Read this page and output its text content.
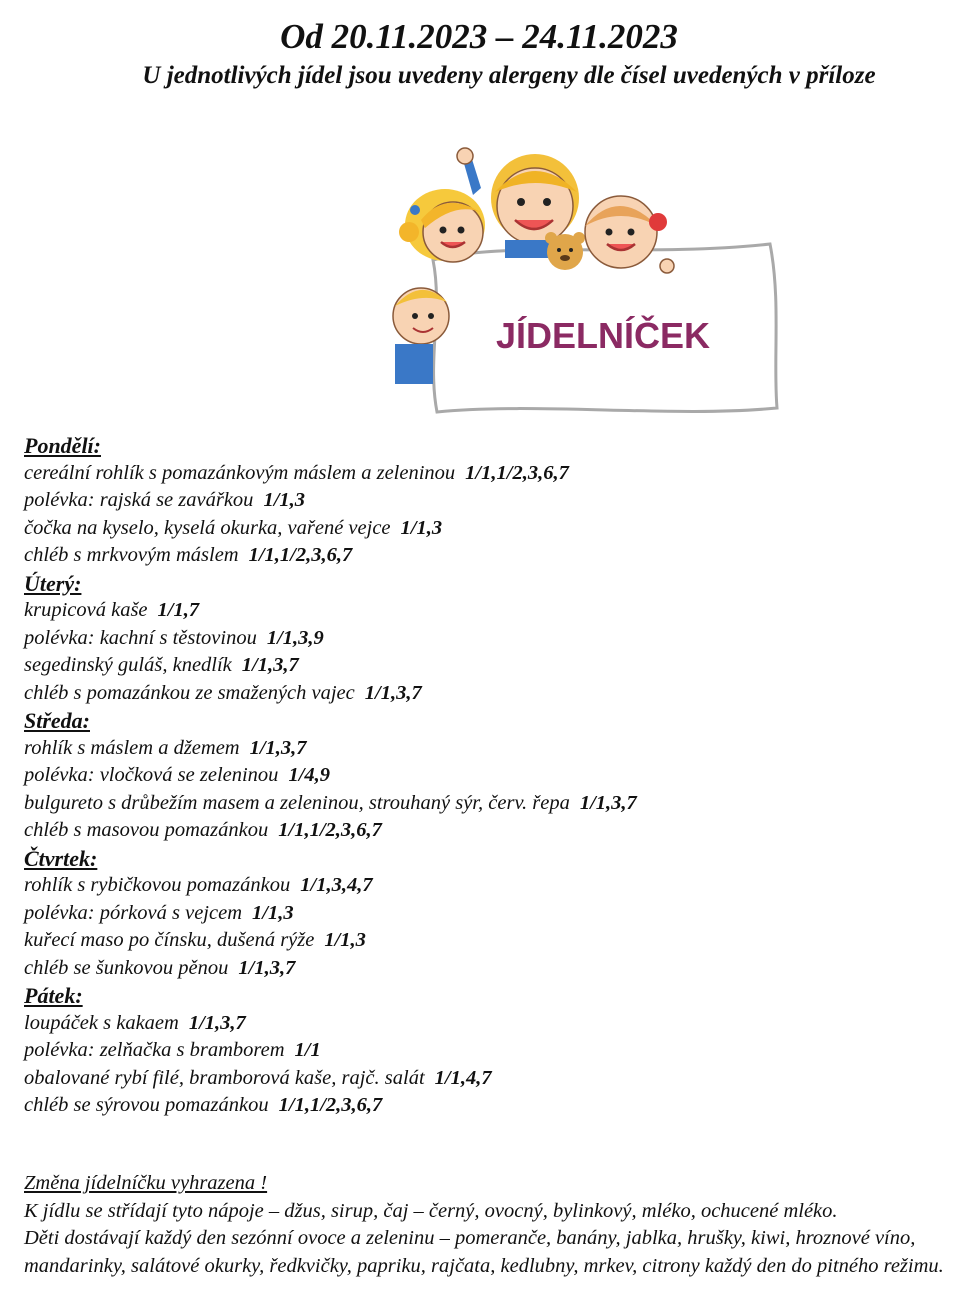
Od 20.11.2023 – 24.11.2023
U jednotlivých jídel jsou uvedeny alergeny dle čísel uvedených v příloze
JÍDELNÍČEK
Pondělí:
cereální rohlík s pomazánkovým máslem a zeleninou 1/1,1/2,3,6,7
polévka: rajská se zavářkou 1/1,3
čočka na kyselo, kyselá okurka, vařené vejce 1/1,3
chléb s mrkvovým máslem 1/1,1/2,3,6,7
Úterý:
krupicová kaše 1/1,7
polévka: kachní s těstovinou 1/1,3,9
segedinský guláš, knedlík 1/1,3,7
chléb s pomazánkou ze smažených vajec 1/1,3,7
Středa:
rohlík s máslem a džemem 1/1,3,7
polévka: vločková se zeleninou 1/4,9
bulgureto s drůbežím masem a zeleninou, strouhaný sýr, červ. řepa 1/1,3,7
chléb s masovou pomazánkou 1/1,1/2,3,6,7
Čtvrtek:
rohlík s rybičkovou pomazánkou 1/1,3,4,7
polévka: pórková s vejcem 1/1,3
kuřecí maso po čínsku, dušená rýže 1/1,3
chléb se šunkovou pěnou 1/1,3,7
Pátek:
loupáček s kakaem 1/1,3,7
polévka: zelňačka s bramborem 1/1
obalované rybí filé, bramborová kaše, rajč. salát 1/1,4,7
chléb se sýrovou pomazánkou 1/1,1/2,3,6,7

Změna jídelníčku vyhrazena !

K jídlu se střídají tyto nápoje – džus, sirup, čaj – černý, ovocný, bylinkový, mléko, ochucené mléko.

Děti dostávají každý den sezónní ovoce a zeleninu – pomeranče, banány, jablka, hrušky, kiwi, hroznové víno, mandarinky, salátové okurky, ředkvičky, papriku, rajčata, kedlubny, mrkev, citrony každý den do pitného režimu.
